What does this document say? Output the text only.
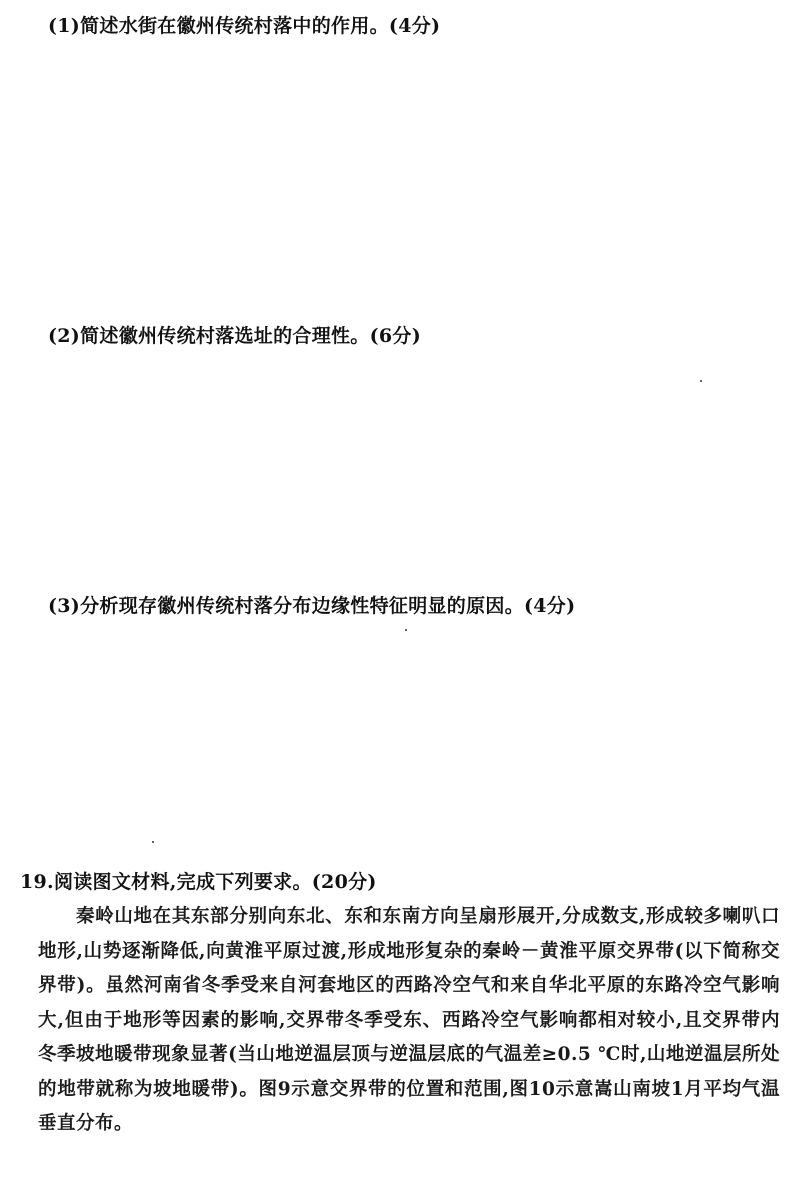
(1)简述水街在徽州传统村落中的作用。(4分)
(2)简述徽州传统村落选址的合理性。(6分)
(3)分析现存徽州传统村落分布边缘性特征明显的原因。(4分)
19.阅读图文材料,完成下列要求。(20分)
秦岭山地在其东部分别向东北、东和东南方向呈扇形展开,分成数支,形成较多喇叭口地形,山势逐渐降低,向黄淮平原过渡,形成地形复杂的秦岭－黄淮平原交界带(以下简称交界带)。虽然河南省冬季受来自河套地区的西路冷空气和来自华北平原的东路冷空气影响大,但由于地形等因素的影响,交界带冬季受东、西路冷空气影响都相对较小,且交界带内冬季坡地暖带现象显著(当山地逆温层顶与逆温层底的气温差≥0.5 ℃时,山地逆温层所处的地带就称为坡地暖带)。图9示意交界带的位置和范围,图10示意嵩山南坡1月平均气温垂直分布。
